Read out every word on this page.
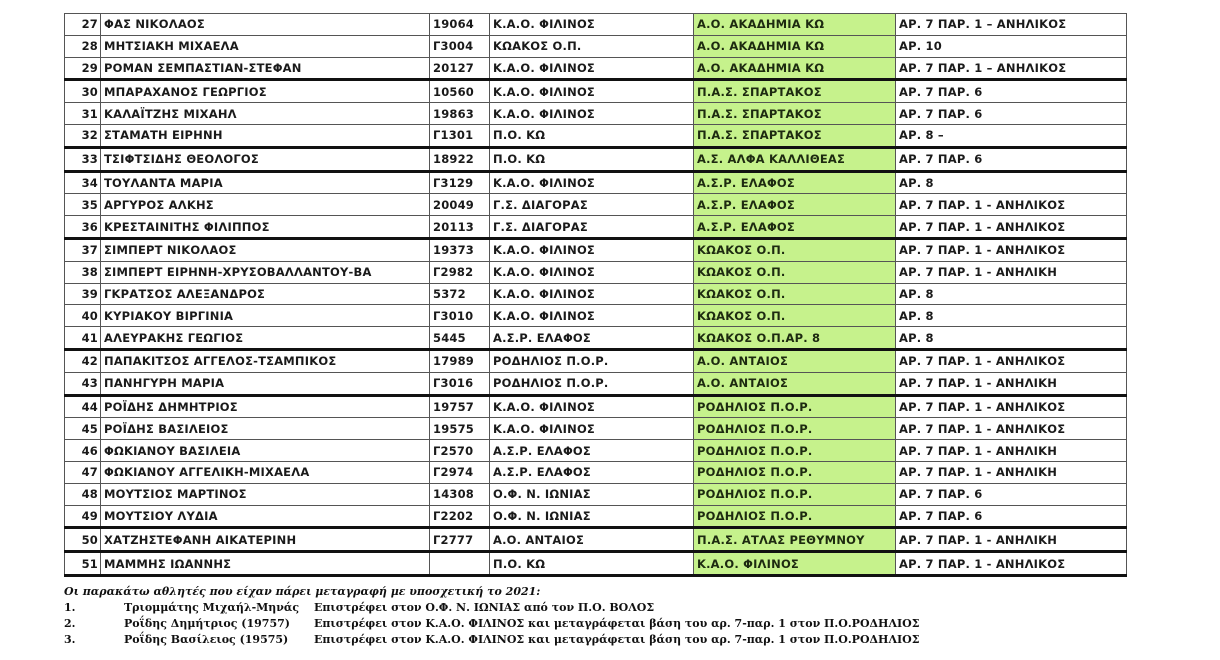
27	ΦΑΣ ΝΙΚΟΛΑΟΣ	19064	Κ.Α.Ο. ΦΙΛΙΝΟΣ	Α.Ο. ΑΚΑΔΗΜΙΑ ΚΩ	ΑΡ. 7 ΠΑΡ. 1 – ΑΝΗΛΙΚΟΣ
28	ΜΗΤΣΙΑΚΗ ΜΙΧΑΕΛΑ	Γ3004	ΚΩΑΚΟΣ Ο.Π.	Α.Ο. ΑΚΑΔΗΜΙΑ ΚΩ	ΑΡ. 10
29	ΡΟΜΑΝ ΣΕΜΠΑΣΤΙΑΝ-ΣΤΕΦΑΝ	20127	Κ.Α.Ο. ΦΙΛΙΝΟΣ	Α.Ο. ΑΚΑΔΗΜΙΑ ΚΩ	ΑΡ. 7 ΠΑΡ. 1 – ΑΝΗΛΙΚΟΣ
30	ΜΠΑΡΑΧΑΝΟΣ ΓΕΩΡΓΙΟΣ	10560	Κ.Α.Ο. ΦΙΛΙΝΟΣ	Π.Α.Σ. ΣΠΑΡΤΑΚΟΣ	ΑΡ. 7 ΠΑΡ. 6
31	ΚΑΛΑΪΤΖΗΣ ΜΙΧΑΗΛ	19863	Κ.Α.Ο. ΦΙΛΙΝΟΣ	Π.Α.Σ. ΣΠΑΡΤΑΚΟΣ	ΑΡ. 7 ΠΑΡ. 6
32	ΣΤΑΜΑΤΗ ΕΙΡΗΝΗ	Γ1301	Π.Ο. ΚΩ	Π.Α.Σ. ΣΠΑΡΤΑΚΟΣ	ΑΡ. 8 –
33	ΤΣΙΦΤΣΙΔΗΣ ΘΕΟΛΟΓΟΣ	18922	Π.Ο. ΚΩ	Α.Σ. ΑΛΦΑ ΚΑΛΛΙΘΕΑΣ	ΑΡ. 7 ΠΑΡ. 6
34	ΤΟΥΛΑΝΤΑ ΜΑΡΙΑ	Γ3129	Κ.Α.Ο. ΦΙΛΙΝΟΣ	Α.Σ.Ρ. ΕΛΑΦΟΣ	ΑΡ. 8
35	ΑΡΓΥΡΟΣ ΑΛΚΗΣ	20049	Γ.Σ. ΔΙΑΓΟΡΑΣ	Α.Σ.Ρ. ΕΛΑΦΟΣ	ΑΡ. 7 ΠΑΡ. 1 - ΑΝΗΛΙΚΟΣ
36	ΚΡΕΣΤΑΙΝΙΤΗΣ ΦΙΛΙΠΠΟΣ	20113	Γ.Σ. ΔΙΑΓΟΡΑΣ	Α.Σ.Ρ. ΕΛΑΦΟΣ	ΑΡ. 7 ΠΑΡ. 1 - ΑΝΗΛΙΚΟΣ
37	ΣΙΜΠΕΡΤ ΝΙΚΟΛΑΟΣ	19373	Κ.Α.Ο. ΦΙΛΙΝΟΣ	ΚΩΑΚΟΣ Ο.Π.	ΑΡ. 7 ΠΑΡ. 1 - ΑΝΗΛΙΚΟΣ
38	ΣΙΜΠΕΡΤ ΕΙΡΗΝΗ-ΧΡΥΣΟΒΑΛΛΑΝΤΟΥ-ΒΑ	Γ2982	Κ.Α.Ο. ΦΙΛΙΝΟΣ	ΚΩΑΚΟΣ Ο.Π.	ΑΡ. 7 ΠΑΡ. 1 - ΑΝΗΛΙΚΗ
39	ΓΚΡΑΤΣΟΣ ΑΛΕΞΑΝΔΡΟΣ	5372	Κ.Α.Ο. ΦΙΛΙΝΟΣ	ΚΩΑΚΟΣ Ο.Π.	ΑΡ. 8
40	ΚΥΡΙΑΚΟΥ ΒΙΡΓΙΝΙΑ	Γ3010	Κ.Α.Ο. ΦΙΛΙΝΟΣ	ΚΩΑΚΟΣ Ο.Π.	ΑΡ. 8
41	ΑΛΕΥΡΑΚΗΣ ΓΕΩΓΙΟΣ	5445	Α.Σ.Ρ. ΕΛΑΦΟΣ	ΚΩΑΚΟΣ Ο.Π.ΑΡ. 8	ΑΡ. 8
42	ΠΑΠΑΚΙΤΣΟΣ ΑΓΓΕΛΟΣ-ΤΣΑΜΠΙΚΟΣ	17989	ΡΟΔΗΛΙΟΣ Π.Ο.Ρ.	Α.Ο. ΑΝΤΑΙΟΣ	ΑΡ. 7 ΠΑΡ. 1 - ΑΝΗΛΙΚΟΣ
43	ΠΑΝΗΓΥΡΗ ΜΑΡΙΑ	Γ3016	ΡΟΔΗΛΙΟΣ Π.Ο.Ρ.	Α.Ο. ΑΝΤΑΙΟΣ	ΑΡ. 7 ΠΑΡ. 1 - ΑΝΗΛΙΚΗ
44	ΡΟΪΔΗΣ ΔΗΜΗΤΡΙΟΣ	19757	Κ.Α.Ο. ΦΙΛΙΝΟΣ	ΡΟΔΗΛΙΟΣ Π.Ο.Ρ.	ΑΡ. 7 ΠΑΡ. 1 - ΑΝΗΛΙΚΟΣ
45	ΡΟΪΔΗΣ ΒΑΣΙΛΕΙΟΣ	19575	Κ.Α.Ο. ΦΙΛΙΝΟΣ	ΡΟΔΗΛΙΟΣ Π.Ο.Ρ.	ΑΡ. 7 ΠΑΡ. 1 - ΑΝΗΛΙΚΟΣ
46	ΦΩΚΙΑΝΟΥ ΒΑΣΙΛΕΙΑ	Γ2570	Α.Σ.Ρ. ΕΛΑΦΟΣ	ΡΟΔΗΛΙΟΣ Π.Ο.Ρ.	ΑΡ. 7 ΠΑΡ. 1 - ΑΝΗΛΙΚΗ
47	ΦΩΚΙΑΝΟΥ ΑΓΓΕΛΙΚΗ-ΜΙΧΑΕΛΑ	Γ2974	Α.Σ.Ρ. ΕΛΑΦΟΣ	ΡΟΔΗΛΙΟΣ Π.Ο.Ρ.	ΑΡ. 7 ΠΑΡ. 1 - ΑΝΗΛΙΚΗ
48	ΜΟΥΤΣΙΟΣ ΜΑΡΤΙΝΟΣ	14308	Ο.Φ. Ν. ΙΩΝΙΑΣ	ΡΟΔΗΛΙΟΣ Π.Ο.Ρ.	ΑΡ. 7 ΠΑΡ. 6
49	ΜΟΥΤΣΙΟΥ ΛΥΔΙΑ	Γ2202	Ο.Φ. Ν. ΙΩΝΙΑΣ	ΡΟΔΗΛΙΟΣ Π.Ο.Ρ.	ΑΡ. 7 ΠΑΡ. 6
50	ΧΑΤΖΗΣΤΕΦΑΝΗ ΑΙΚΑΤΕΡΙΝΗ	Γ2777	Α.Ο. ΑΝΤΑΙΟΣ	Π.Α.Σ. ΑΤΛΑΣ ΡΕΘΥΜΝΟΥ	ΑΡ. 7 ΠΑΡ. 1 - ΑΝΗΛΙΚΗ
51	ΜΑΜΜΗΣ ΙΩΑΝΝΗΣ		Π.Ο. ΚΩ	Κ.Α.Ο. ΦΙΛΙΝΟΣ	ΑΡ. 7 ΠΑΡ. 1 - ΑΝΗΛΙΚΟΣ
Οι παρακάτω αθλητές που είχαν πάρει μεταγραφή με υποσχετική το 2021:
1.	Τριομμάτης Μιχαήλ-Μηνάς	Επιστρέφει στον Ο.Φ. Ν. ΙΩΝΙΑΣ από τον Π.Ο. ΒΟΛΟΣ
2.	Ροΐδης Δημήτριος (19757)	Επιστρέφει στον Κ.Α.Ο. ΦΙΛΙΝΟΣ και μεταγράφεται βάση του αρ. 7-παρ. 1 στον Π.Ο.ΡΟΔΗΛΙΟΣ
3.	Ροΐδης Βασίλειος (19575)	Επιστρέφει στον Κ.Α.Ο. ΦΙΛΙΝΟΣ και μεταγράφεται βάση του αρ. 7-παρ. 1 στον Π.Ο.ΡΟΔΗΛΙΟΣ
